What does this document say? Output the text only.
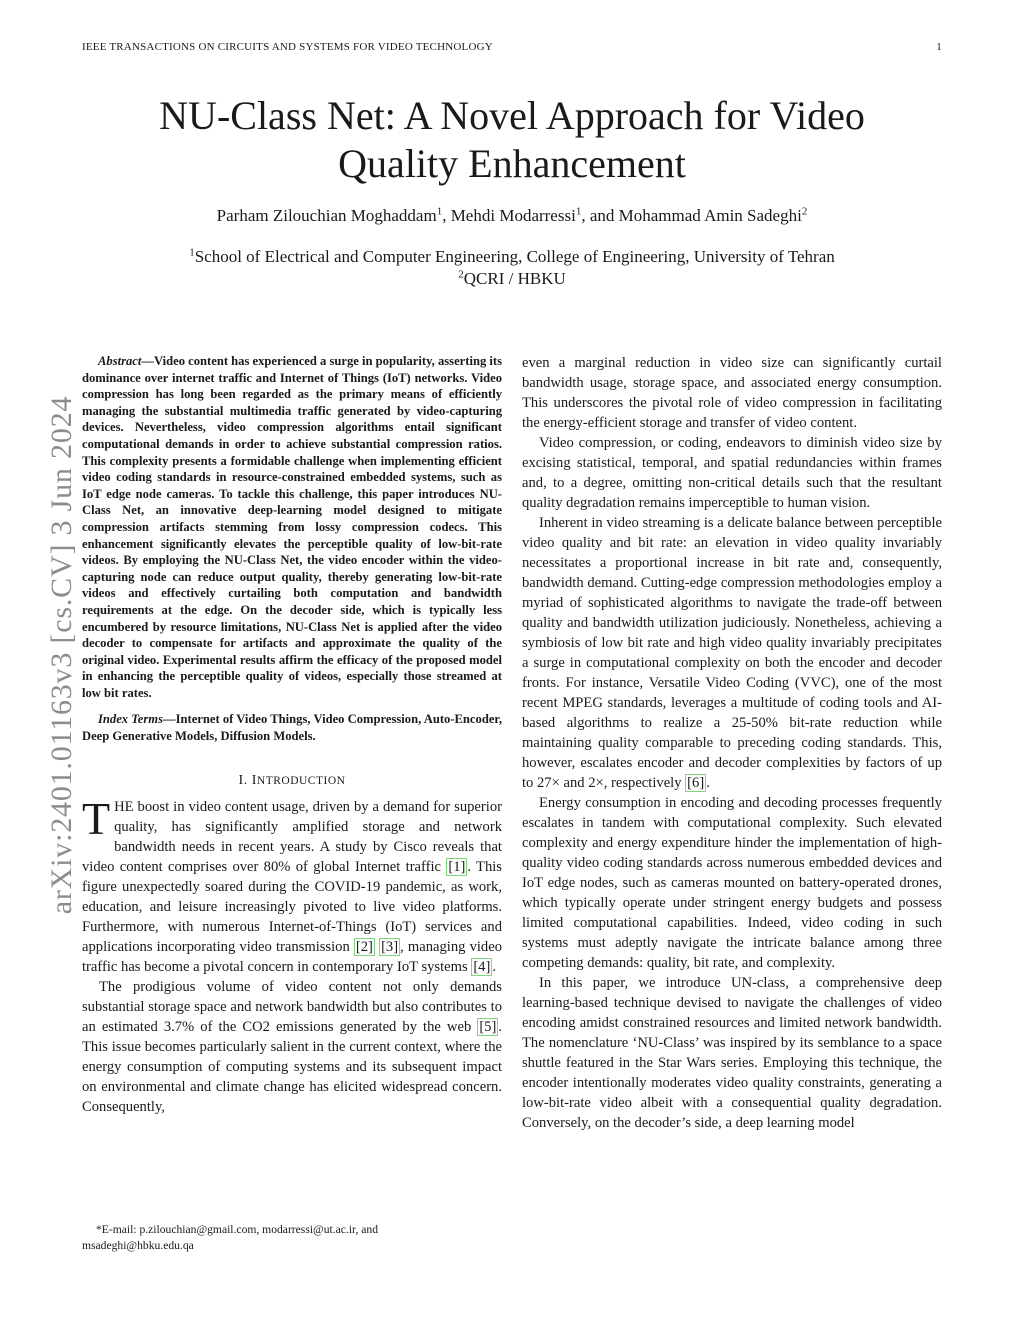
IEEE TRANSACTIONS ON CIRCUITS AND SYSTEMS FOR VIDEO TECHNOLOGY	1
NU-Class Net: A Novel Approach for Video
Quality Enhancement
Parham Zilouchian Moghaddam$^1$, Mehdi Modarressi$^1$, and Mohammad Amin Sadeghi$^2$
$^1$School of Electrical and Computer Engineering, College of Engineering, University of Tehran
$^2$QCRI / HBKU
arXiv:2401.01163v3 [cs.CV] 3 Jun 2024

Abstract—Video content has experienced a surge in popularity, asserting its dominance over internet traffic and Internet of Things (IoT) networks. Video compression has long been regarded as the primary means of efficiently managing the substantial multimedia traffic generated by video-capturing devices. Nevertheless, video compression algorithms entail significant computational demands in order to achieve substantial compression ratios. This complexity presents a formidable challenge when implementing efficient video coding standards in resource-constrained embedded systems, such as IoT edge node cameras. To tackle this challenge, this paper introduces NU-Class Net, an innovative deep-learning model designed to mitigate compression artifacts stemming from lossy compression codecs. This enhancement significantly elevates the perceptible quality of low-bit-rate videos. By employing the NU-Class Net, the video encoder within the video-capturing node can reduce output quality, thereby generating low-bit-rate videos and effectively curtailing both computation and bandwidth requirements at the edge. On the decoder side, which is typically less encumbered by resource limitations, NU-Class Net is applied after the video decoder to compensate for artifacts and approximate the quality of the original video. Experimental results affirm the efficacy of the proposed model in enhancing the perceptible quality of videos, especially those streamed at low bit rates.

Index Terms—Internet of Video Things, Video Compression, Auto-Encoder, Deep Generative Models, Diffusion Models.

I. INTRODUCTION

THE boost in video content usage, driven by a demand for superior quality, has significantly amplified storage and network bandwidth needs in recent years. A study by Cisco reveals that video content comprises over 80% of global Internet traffic [1] . This figure unexpectedly soared during the COVID-19 pandemic, as work, education, and leisure increasingly pivoted to live video platforms. Furthermore, with numerous Internet-of-Things (IoT) services and applications incorporating video transmission [2] [3] , managing video traffic has become a pivotal concern in contemporary IoT systems [4] .

The prodigious volume of video content not only demands substantial storage space and network bandwidth but also contributes to an estimated 3.7% of the CO2 emissions generated by the web [5] . This issue becomes particularly salient in the current context, where the energy consumption of computing systems and its subsequent impact on environmental and climate change has elicited widespread concern. Consequently,

even a marginal reduction in video size can significantly curtail bandwidth usage, storage space, and associated energy consumption. This underscores the pivotal role of video compression in facilitating the energy-efficient storage and transfer of video content.

Video compression, or coding, endeavors to diminish video size by excising statistical, temporal, and spatial redundancies within frames and, to a degree, omitting non-critical details such that the resultant quality degradation remains imperceptible to human vision.

Inherent in video streaming is a delicate balance between perceptible video quality and bit rate: an elevation in video quality invariably necessitates a proportional increase in bit rate and, consequently, bandwidth demand. Cutting-edge compression methodologies employ a myriad of sophisticated algorithms to navigate the trade-off between quality and bandwidth utilization judiciously. Nonetheless, achieving a symbiosis of low bit rate and high video quality invariably precipitates a surge in computational complexity on both the encoder and decoder fronts. For instance, Versatile Video Coding (VVC), one of the most recent MPEG standards, leverages a multitude of coding tools and AI-based algorithms to realize a 25-50% bit-rate reduction while maintaining quality comparable to preceding coding standards. This, however, escalates encoder and decoder complexities by factors of up to 27× and 2×, respectively [6] .

Energy consumption in encoding and decoding processes frequently escalates in tandem with computational complexity. Such elevated complexity and energy expenditure hinder the implementation of high-quality video coding standards across numerous embedded devices and IoT edge nodes, such as cameras mounted on battery-operated drones, which typically operate under stringent energy budgets and possess limited computational capabilities. Indeed, video coding in such systems must adeptly navigate the intricate balance among three competing demands: quality, bit rate, and complexity.

In this paper, we introduce UN-class, a comprehensive deep learning-based technique devised to navigate the challenges of video encoding amidst constrained resources and limited network bandwidth. The nomenclature ‘NU-Class’ was inspired by its semblance to a space shuttle featured in the Star Wars series. Employing this technique, the encoder intentionally moderates video quality constraints, generating a low-bit-rate video albeit with a consequential quality degradation. Conversely, on the decoder’s side, a deep learning model

*E-mail: p.zilouchian@gmail.com, modarressi@ut.ac.ir, and
msadeghi@hbku.edu.qa
